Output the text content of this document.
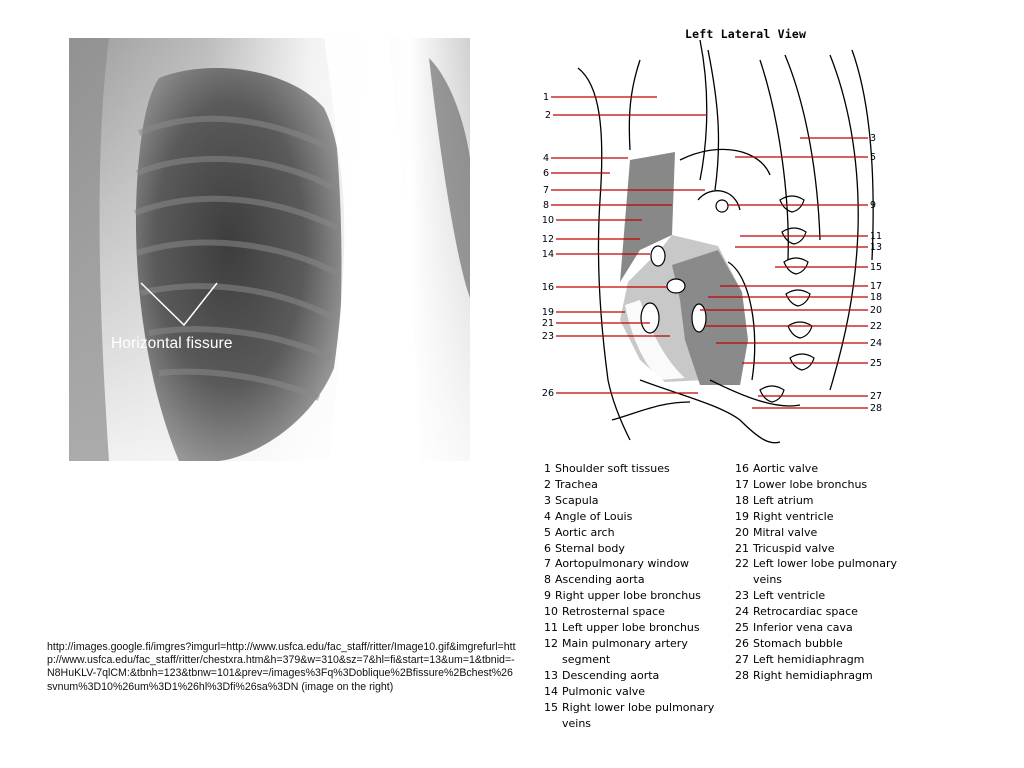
Horizontal fissure
http://images.google.fi/imgres?imgurl=http://www.usfca.edu/fac_staff/ritter/Image10.gif&imgrefurl=http://www.usfca.edu/fac_staff/ritter/chestxra.htm&h=379&w=310&sz=7&hl=fi&start=13&um=1&tbnid=-N8HuKLV-7qlCM:&tbnh=123&tbnw=101&prev=/images%3Fq%3Doblique%2Bfissure%2Bchest%26svnum%3D10%26um%3D1%26hl%3Dfi%26sa%3DN (image on the right)
Left Lateral View
1
2
4
6
7
8
10
12
14
16
19
21
23
26
3
5
9
11
13
15
17
18
20
22
24
25
27
28
1 Shoulder soft tissues
2 Trachea
3 Scapula
4 Angle of Louis
5 Aortic arch
6 Sternal body
7 Aortopulmonary window
8 Ascending aorta
9 Right upper lobe bronchus
10 Retrosternal space
11 Left upper lobe bronchus
12 Main pulmonary artery segment
13 Descending aorta
14 Pulmonic valve
15 Right lower lobe pulmonary veins
16 Aortic valve
17 Lower lobe bronchus
18 Left atrium
19 Right ventricle
20 Mitral valve
21 Tricuspid valve
22 Left lower lobe pulmonary veins
23 Left ventricle
24 Retrocardiac space
25 Inferior vena cava
26 Stomach bubble
27 Left hemidiaphragm
28 Right hemidiaphragm
